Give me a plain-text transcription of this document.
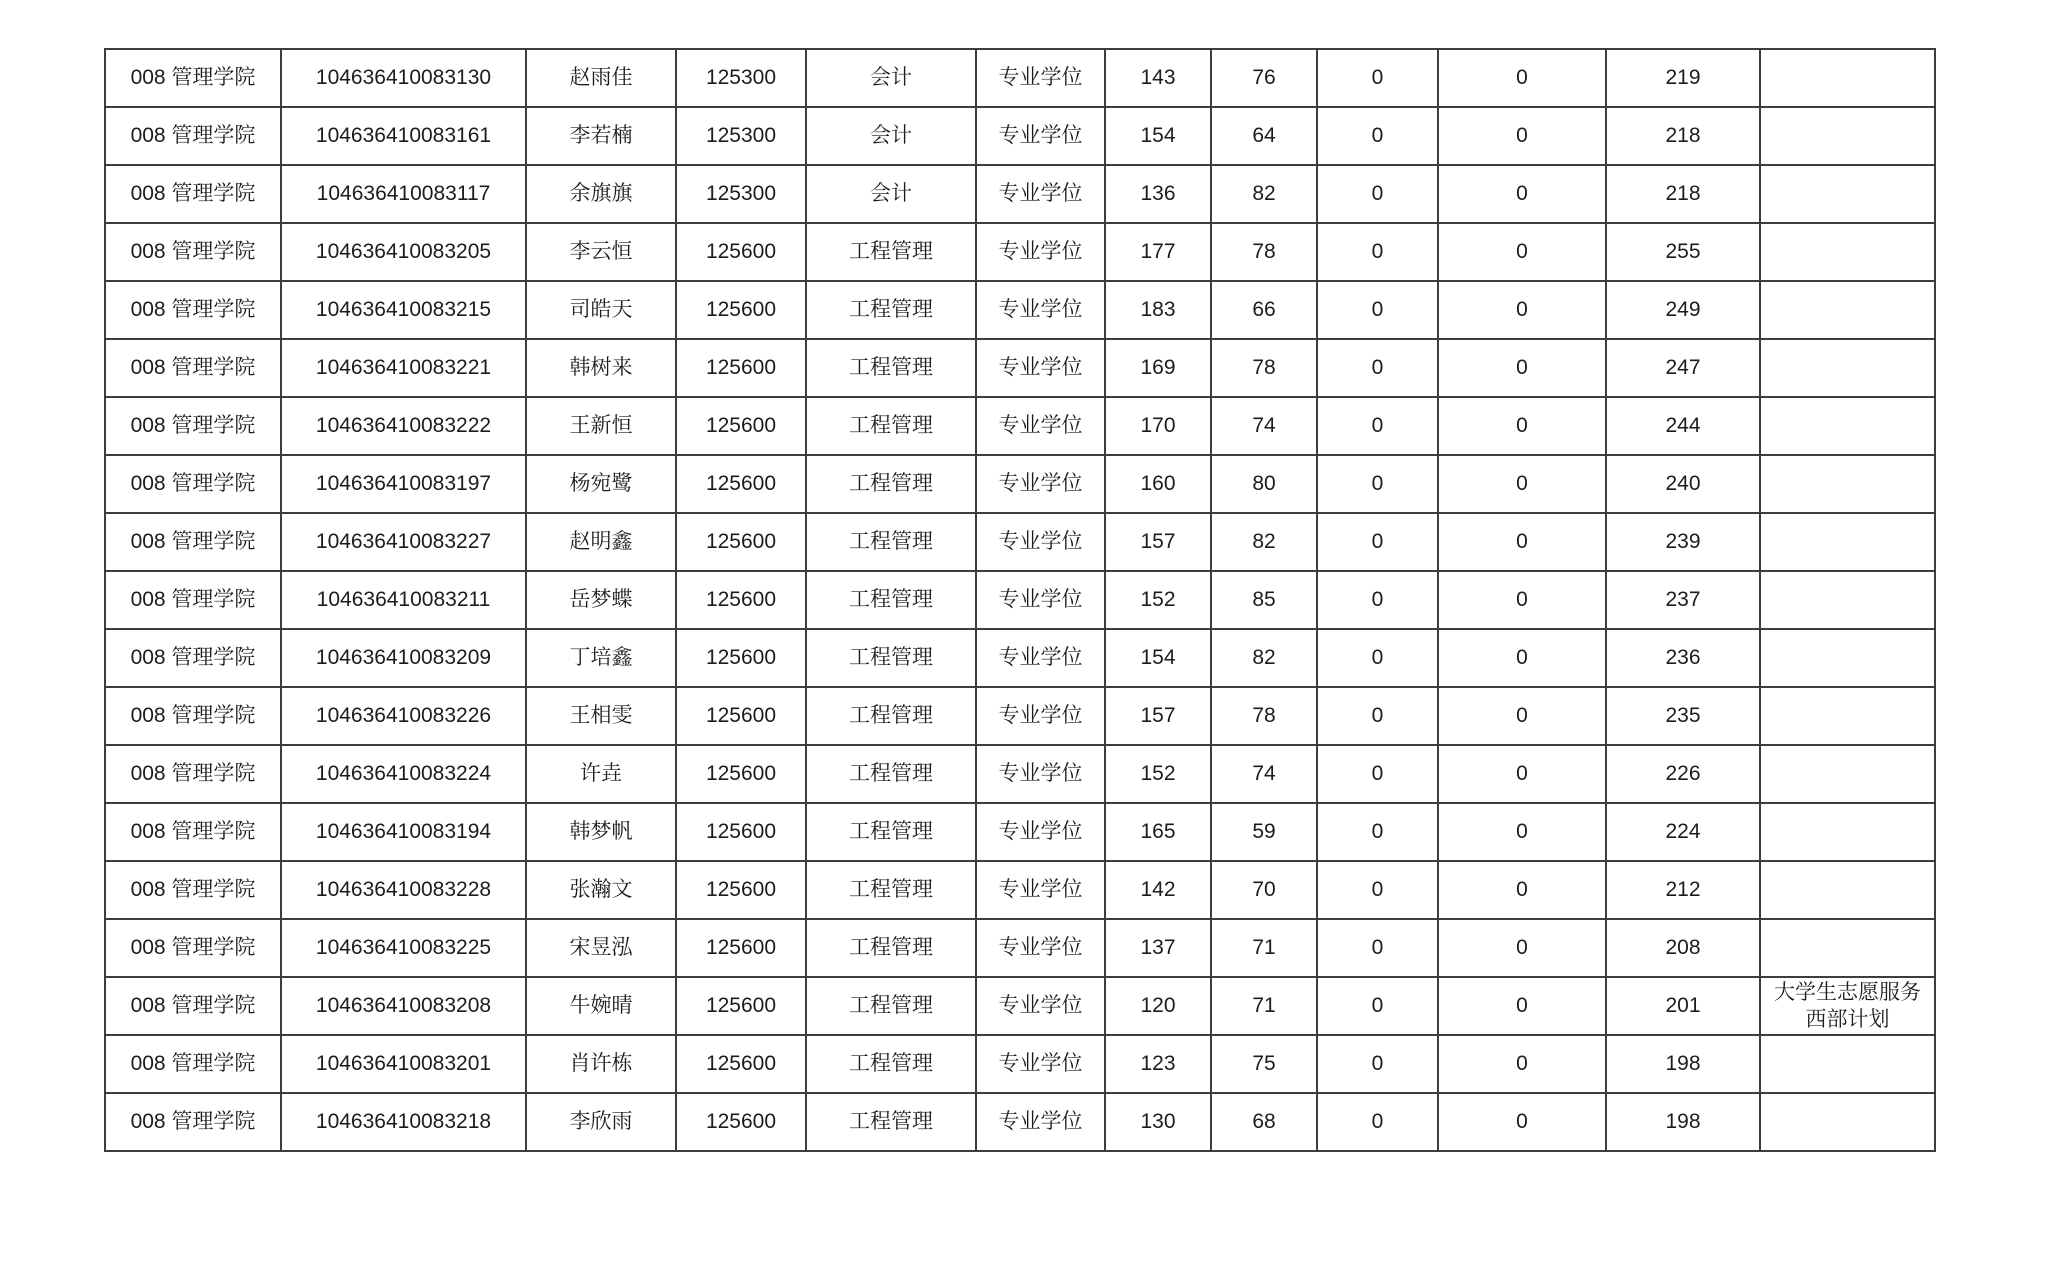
008 管理学院	104636410083130	赵雨佳	125300	会计	专业学位	143	76	0	0	219	
008 管理学院	104636410083161	李若楠	125300	会计	专业学位	154	64	0	0	218	
008 管理学院	104636410083117	余旗旗	125300	会计	专业学位	136	82	0	0	218	
008 管理学院	104636410083205	李云恒	125600	工程管理	专业学位	177	78	0	0	255	
008 管理学院	104636410083215	司皓天	125600	工程管理	专业学位	183	66	0	0	249	
008 管理学院	104636410083221	韩树来	125600	工程管理	专业学位	169	78	0	0	247	
008 管理学院	104636410083222	王新恒	125600	工程管理	专业学位	170	74	0	0	244	
008 管理学院	104636410083197	杨宛鹭	125600	工程管理	专业学位	160	80	0	0	240	
008 管理学院	104636410083227	赵明鑫	125600	工程管理	专业学位	157	82	0	0	239	
008 管理学院	104636410083211	岳梦蝶	125600	工程管理	专业学位	152	85	0	0	237	
008 管理学院	104636410083209	丁培鑫	125600	工程管理	专业学位	154	82	0	0	236	
008 管理学院	104636410083226	王相雯	125600	工程管理	专业学位	157	78	0	0	235	
008 管理学院	104636410083224	许垚	125600	工程管理	专业学位	152	74	0	0	226	
008 管理学院	104636410083194	韩梦帆	125600	工程管理	专业学位	165	59	0	0	224	
008 管理学院	104636410083228	张瀚文	125600	工程管理	专业学位	142	70	0	0	212	
008 管理学院	104636410083225	宋昱泓	125600	工程管理	专业学位	137	71	0	0	208	
008 管理学院	104636410083208	牛婉晴	125600	工程管理	专业学位	120	71	0	0	201	大学生志愿服务西部计划
008 管理学院	104636410083201	肖许栋	125600	工程管理	专业学位	123	75	0	0	198	
008 管理学院	104636410083218	李欣雨	125600	工程管理	专业学位	130	68	0	0	198	
